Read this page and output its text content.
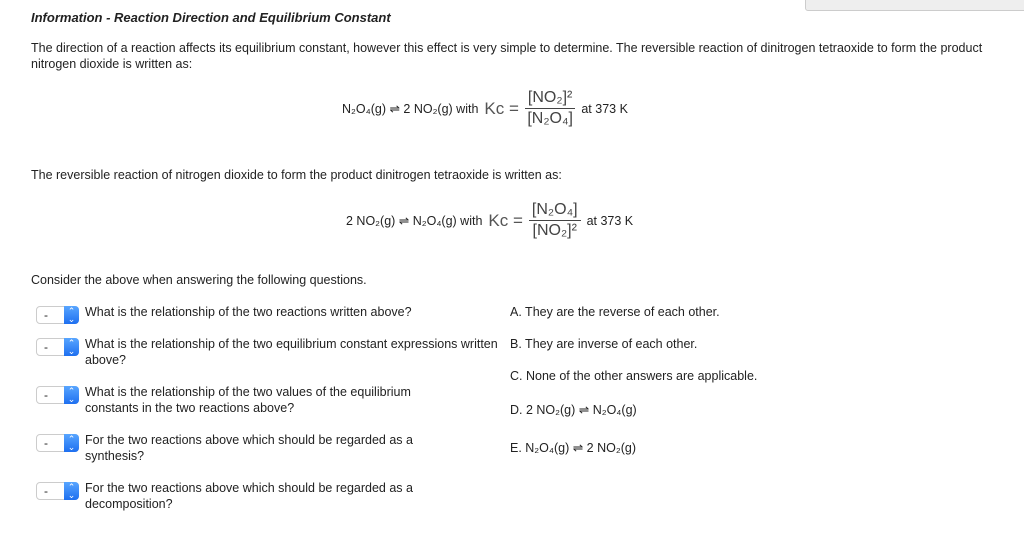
Information - Reaction Direction and Equilibrium Constant
The direction of a reaction affects its equilibrium constant, however this effect is very simple to determine. The reversible reaction of dinitrogen tetraoxide to form the product nitrogen dioxide is written as:
N₂O₄(g) ⇌ 2 NO₂(g) with $Kc = \frac{\text{[NO₂]²}}{\text{[N₂O₄]}}$ at 373 K
The reversible reaction of nitrogen dioxide to form the product dinitrogen tetraoxide is written as:
2 NO₂(g) ⇌ N₂O₄(g) with $Kc = \frac{\text{[N₂O₄]}}{\text{[NO₂]²}}$ at 373 K
Consider the above when answering the following questions.
-	⌃
⌄ What is the relationship of the two reactions written above?
-	⌃
⌄ What is the relationship of the two equilibrium constant expressions written above?
-	⌃
⌄ What is the relationship of the two values of the equilibrium constants in the two reactions above?
-	⌃
⌄ For the two reactions above which should be regarded as a synthesis?
-	⌃
⌄ For the two reactions above which should be regarded as a decomposition?
A. They are the reverse of each other.
B. They are inverse of each other.
C. None of the other answers are applicable.
D. 2 NO₂(g) ⇌ N₂O₄(g)
E. N₂O₄(g) ⇌ 2 NO₂(g)
